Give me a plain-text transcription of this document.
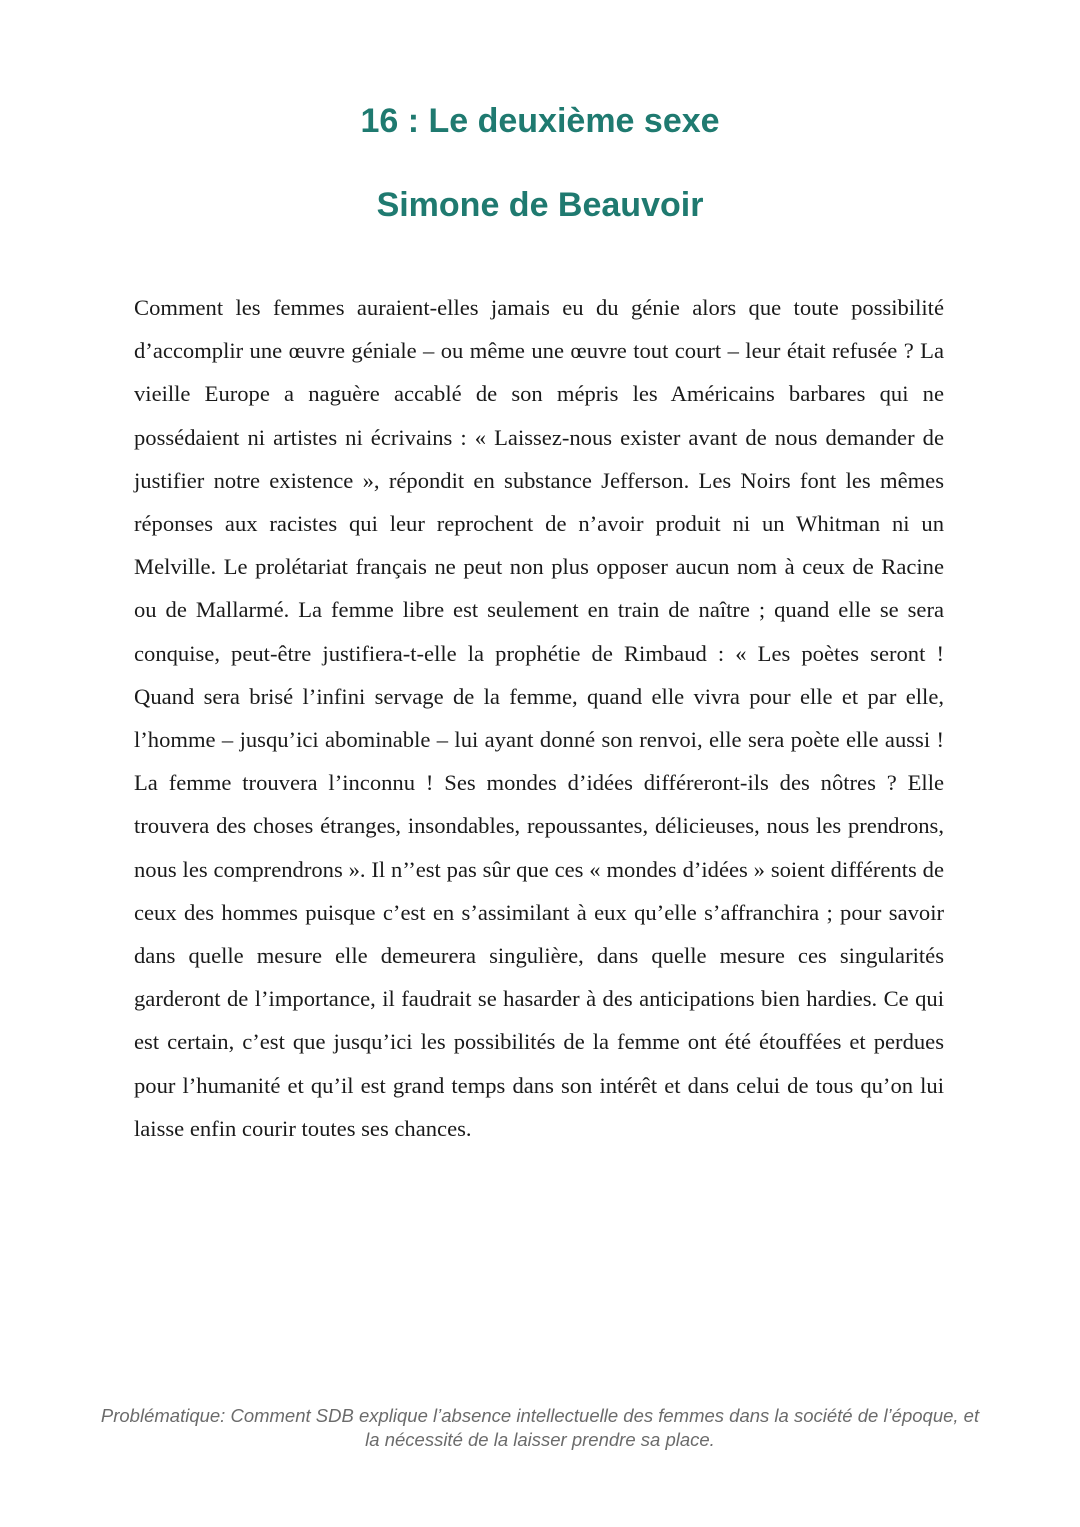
16 : Le deuxième sexe
Simone de Beauvoir

Comment les femmes auraient-elles jamais eu du génie alors que toute possibilité d’accomplir une œuvre géniale – ou même une œuvre tout court – leur était refusée ? La vieille Europe a naguère accablé de son mépris les Américains barbares qui ne possédaient ni artistes ni écrivains : « Laissez-nous exister avant de nous demander de justifier notre existence », répondit en substance Jefferson. Les Noirs font les mêmes réponses aux racistes qui leur reprochent de n’avoir produit ni un Whitman ni un Melville. Le prolétariat français ne peut non plus opposer aucun nom à ceux de Racine ou de Mallarmé. La femme libre est seulement en train de naître ; quand elle se sera conquise, peut-être justifiera-t-elle la prophétie de Rimbaud : « Les poètes seront ! Quand sera brisé l’infini servage de la femme, quand elle vivra pour elle et par elle, l’homme – jusqu’ici abominable – lui ayant donné son renvoi, elle sera poète elle aussi ! La femme trouvera l’inconnu ! Ses mondes d’idées différeront-ils des nôtres ? Elle trouvera des choses étranges, insondables, repoussantes, délicieuses, nous les prendrons, nous les comprendrons ». Il n’’est pas sûr que ces « mondes d’idées » soient différents de ceux des hommes puisque c’est en s’assimilant à eux qu’elle s’affranchira ; pour savoir dans quelle mesure elle demeurera singulière, dans quelle mesure ces singularités garderont de l’importance, il faudrait se hasarder à des anticipations bien hardies. Ce qui est certain, c’est que jusqu’ici les possibilités de la femme ont été étouffées et perdues pour l’humanité et qu’il est grand temps dans son intérêt et dans celui de tous qu’on lui laisse enfin courir toutes ses chances.

Problématique: Comment SDB explique l’absence intellectuelle des femmes dans la société de l’époque, et la nécessité de la laisser prendre sa place.
